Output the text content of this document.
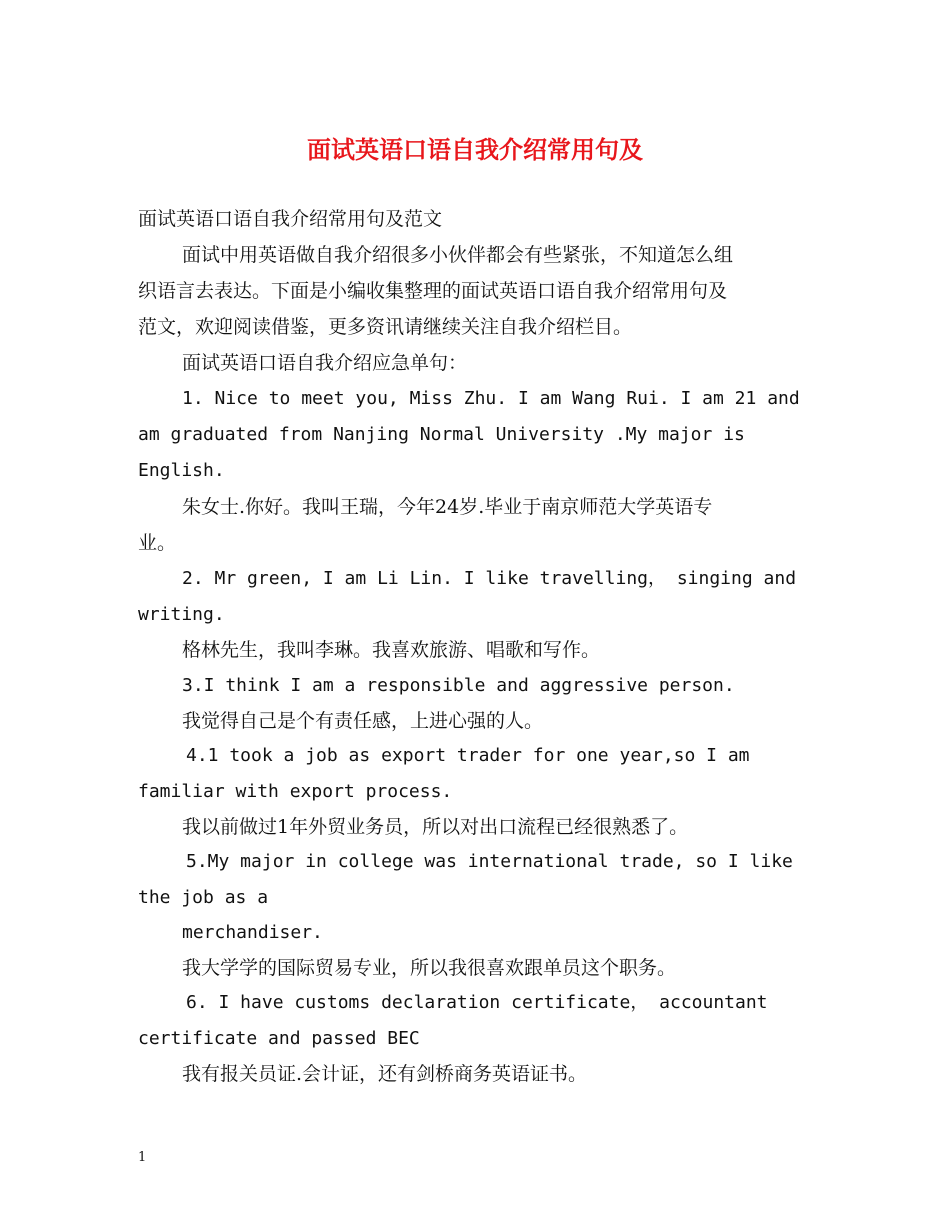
面试英语口语自我介绍常用句及
面试英语口语自我介绍常用句及范文
面试中用英语做自我介绍很多小伙伴都会有些紧张，不知道怎么组
织语言去表达。下面是小编收集整理的面试英语口语自我介绍常用句及
范文，欢迎阅读借鉴，更多资讯请继续关注自我介绍栏目。
面试英语口语自我介绍应急单句：
1. Nice to meet you, Miss Zhu. I am Wang Rui. I am 21 and
am graduated from Nanjing Normal University .My major is
English.
朱女士.你好。我叫王瑞，今年24岁.毕业于南京师范大学英语专
业。
2. Mr green, I am Li Lin. I like travelling， singing and
writing.
格林先生，我叫李琳。我喜欢旅游、唱歌和写作。
3.I think I am a responsible and aggressive person.
我觉得自己是个有责任感，上进心强的人。
4.1 took a job as export trader for one year,so I am
familiar with export process.
我以前做过1年外贸业务员，所以对出口流程已经很熟悉了。
5.My major in college was international trade, so I like
the job as a
merchandiser.
我大学学的国际贸易专业，所以我很喜欢跟单员这个职务。
6. I have customs declaration certificate， accountant
certificate and passed BEC
我有报关员证.会计证，还有剑桥商务英语证书。
1
